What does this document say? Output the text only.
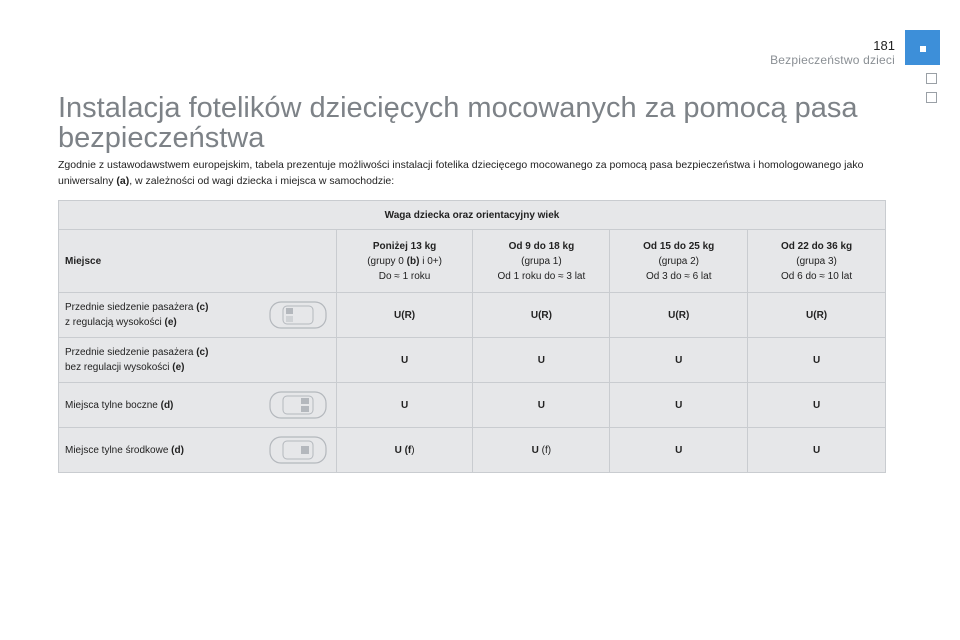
181
Bezpieczeństwo dzieci
Instalacja fotelików dziecięcych mocowanych za pomocą pasa bezpieczeństwa

Zgodnie z ustawodawstwem europejskim, tabela prezentuje możliwości instalacji fotelika dziecięcego mocowanego za pomocą pasa bezpieczeństwa i homologowanego jako uniwersalny (a), w zależności od wagi dziecka i miejsca w samochodzie:

Waga dziecka oraz orientacyjny wiek				
Miejsce	Poniżej 13 kg
(grupy 0 (b) i 0+)
Do ≈ 1 roku	Od 9 do 18 kg
(grupa 1)
Od 1 roku do ≈ 3 lat	Od 15 do 25 kg
(grupa 2)
Od 3 do ≈ 6 lat	Od 22 do 36 kg
(grupa 3)
Od 6 do ≈ 10 lat
Przednie siedzenie pasażera (c)
z regulacją wysokości (e)	U(R)	U(R)	U(R)	U(R)
Przednie siedzenie pasażera (c)
bez regulacji wysokości (e)	U	U	U	U
Miejsca tylne boczne (d)	U	U	U	U
Miejsce tylne środkowe (d)	U (f)	U (f)	U	U
